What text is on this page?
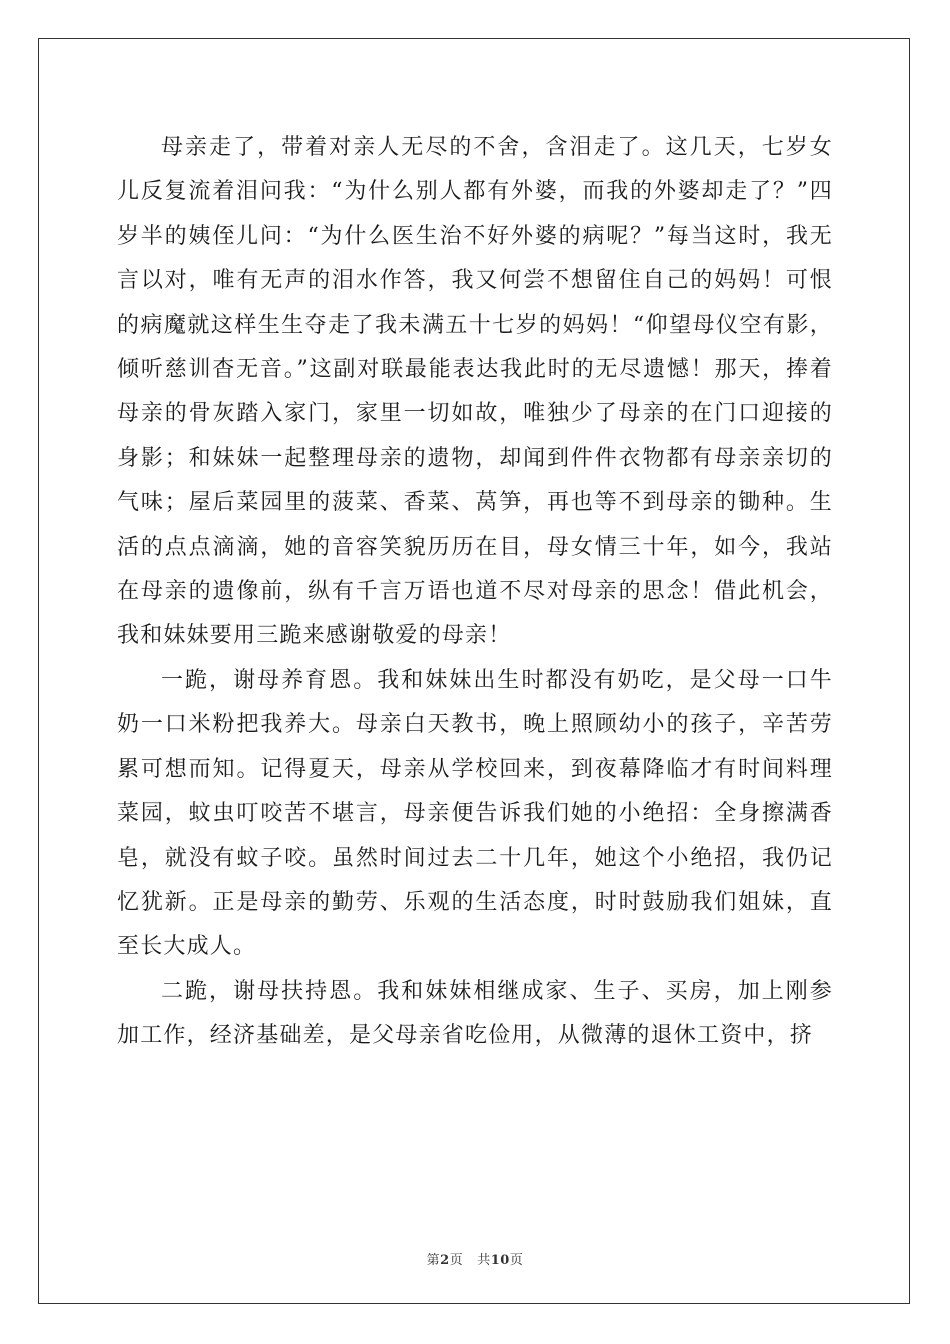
母亲走了，带着对亲人无尽的不舍，含泪走了。这几天，七岁女儿反复流着泪问我：“为什么别人都有外婆，而我的外婆却走了？”四岁半的姨侄儿问：“为什么医生治不好外婆的病呢？”每当这时，我无言以对，唯有无声的泪水作答，我又何尝不想留住自己的妈妈！可恨的病魔就这样生生夺走了我未满五十七岁的妈妈！“仰望母仪空有影，倾听慈训杳无音。”这副对联最能表达我此时的无尽遗憾！那天，捧着母亲的骨灰踏入家门，家里一切如故，唯独少了母亲的在门口迎接的身影；和妹妹一起整理母亲的遗物，却闻到件件衣物都有母亲亲切的气味；屋后菜园里的菠菜、香菜、莴笋，再也等不到母亲的锄种。生活的点点滴滴，她的音容笑貌历历在目，母女情三十年，如今，我站在母亲的遗像前，纵有千言万语也道不尽对母亲的思念！借此机会，我和妹妹要用三跪来感谢敬爱的母亲！

一跪，谢母养育恩。我和妹妹出生时都没有奶吃，是父母一口牛奶一口米粉把我养大。母亲白天教书，晚上照顾幼小的孩子，辛苦劳累可想而知。记得夏天，母亲从学校回来，到夜幕降临才有时间料理菜园，蚊虫叮咬苦不堪言，母亲便告诉我们她的小绝招：全身擦满香皂，就没有蚊子咬。虽然时间过去二十几年，她这个小绝招，我仍记忆犹新。正是母亲的勤劳、乐观的生活态度，时时鼓励我们姐妹，直至长大成人。

二跪，谢母扶持恩。我和妹妹相继成家、生子、买房，加上刚参加工作，经济基础差，是父母亲省吃俭用，从微薄的退休工资中，挤

第2页 共10页
